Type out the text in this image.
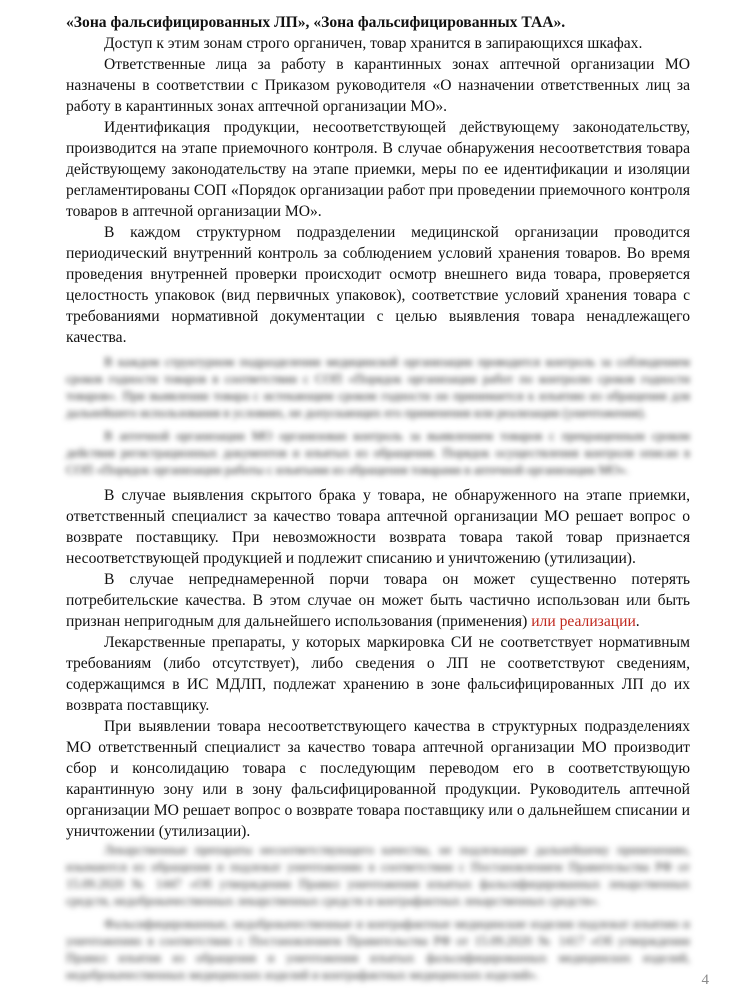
«Зона фальсифицированных ЛП», «Зона фальсифицированных ТАА».

Доступ к этим зонам строго органичен, товар хранится в запирающихся шкафах.

Ответственные лица за работу в карантинных зонах аптечной организации МО назначены в соответствии с Приказом руководителя «О назначении ответственных лиц за работу в карантинных зонах аптечной организации МО».

Идентификация продукции, несоответствующей действующему законодательству, производится на этапе приемочного контроля. В случае обнаружения несоответствия товара действующему законодательству на этапе приемки, меры по ее идентификации и изоляции регламентированы СОП «Порядок организации работ при проведении приемочного контроля товаров в аптечной организации МО».

В каждом структурном подразделении медицинской организации проводится периодический внутренний контроль за соблюдением условий хранения товаров. Во время проведения внутренней проверки происходит осмотр внешнего вида товара, проверяется целостность упаковок (вид первичных упаковок), соответствие условий хранения товара с требованиями нормативной документации с целью выявления товара ненадлежащего качества.

В каждом структурном подразделении медицинской организации проводится контроль за соблюдением сроков годности товаров в соответствии с СОП «Порядок организации работ по контролю сроков годности товаров». При выявлении товара с истекающим сроком годности он принимается к изъятию из обращения для дальнейшего использования в условиях, не допускающих его применения или реализации (уничтожения).

В аптечной организации МО организован контроль за выявлением товаров с прекращенным сроком действия регистрационных документов и изъятых из обращения. Порядок осуществления контроля описан в СОП «Порядок организации работы с изъятыми из обращения товарами в аптечной организации МО».

В случае выявления скрытого брака у товара, не обнаруженного на этапе приемки, ответственный специалист за качество товара аптечной организации МО решает вопрос о возврате поставщику. При невозможности возврата товара такой товар признается несоответствующей продукцией и подлежит списанию и уничтожению (утилизации).

В случае непреднамеренной порчи товара он может существенно потерять потребительские качества. В этом случае он может быть частично использован или быть признан непригодным для дальнейшего использования (применения) или реализации.

Лекарственные препараты, у которых маркировка СИ не соответствует нормативным требованиям (либо отсутствует), либо сведения о ЛП не соответствуют сведениям, содержащимся в ИС МДЛП, подлежат хранению в зоне фальсифицированных ЛП до их возврата поставщику.

При выявлении товара несоответствующего качества в структурных подразделениях МО ответственный специалист за качество товара аптечной организации МО производит сбор и консолидацию товара с последующим переводом его в соответствующую карантинную зону или в зону фальсифицированной продукции. Руководитель аптечной организации МО решает вопрос о возврате товара поставщику или о дальнейшем списании и уничтожении (утилизации).

Лекарственные препараты несоответствующего качества, не подлежащие дальнейшему применению, изымаются из обращения и подлежат уничтожению в соответствии с Постановлением Правительства РФ от 15.09.2020 № 1447 «Об утверждении Правил уничтожения изъятых фальсифицированных лекарственных средств, недоброкачественных лекарственных средств и контрафактных лекарственных средств».

Фальсифицированные, недоброкачественные и контрафактные медицинские изделия подлежат изъятию и уничтожению в соответствии с Постановлением Правительства РФ от 15.09.2020 № 1417 «Об утверждении Правил изъятия из обращения и уничтожения изъятых фальсифицированных медицинских изделий, недоброкачественных медицинских изделий и контрафактных медицинских изделий».	4
